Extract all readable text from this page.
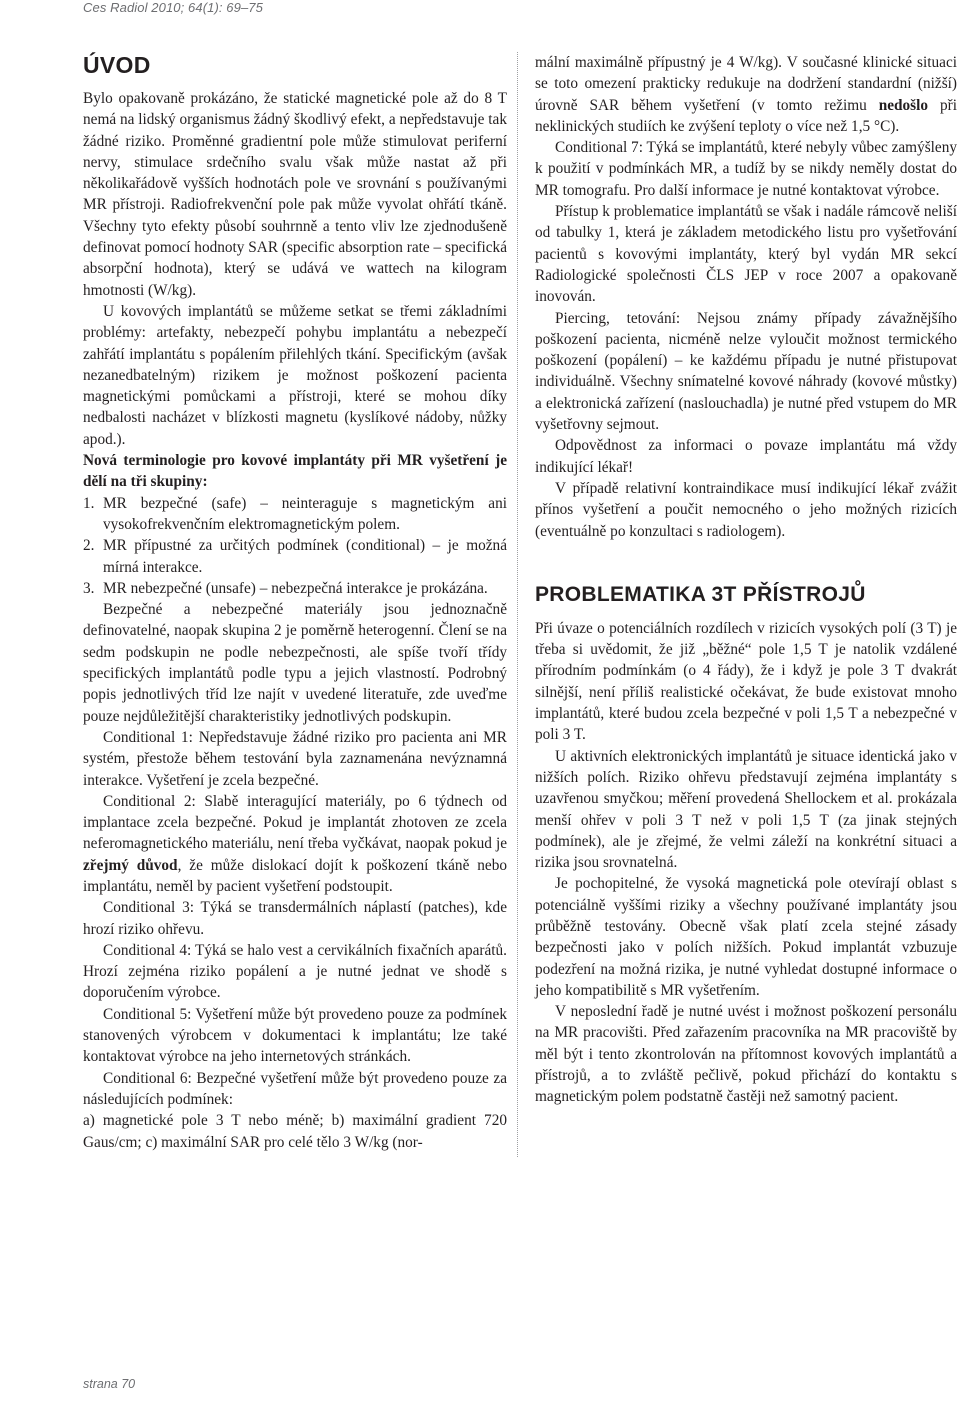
Ces Radiol 2010; 64(1): 69–75
ÚVOD

Bylo opakovaně prokázáno, že statické magnetické pole až do 8 T nemá na lidský organismus žádný škodlivý efekt, a nepředstavuje tak žádné riziko. Proměnné gradientní pole může stimulovat periferní nervy, stimulace srdečního svalu však může nastat až při několikařádově vyšších hodnotách pole ve srovnání s používanými MR přístroji. Radiofrekvenční pole pak může vyvolat ohřátí tkáně. Všechny tyto efekty působí souhrnně a tento vliv lze zjednodušeně definovat pomocí hodnoty SAR (specific absorption rate – specifická absorpční hodnota), který se udává ve wattech na kilogram hmotnosti (W/kg).

U kovových implantátů se můžeme setkat se třemi základními problémy: artefakty, nebezpečí pohybu implantátu a nebezpečí zahřátí implantátu s popálením přilehlých tkání. Specifickým (avšak nezanedbatelným) rizikem je možnost poškození pacienta magnetickými pomůckami a přístroji, které se mohou díky nedbalosti nacházet v blízkosti magnetu (kyslíkové nádoby, nůžky apod.).

Nová terminologie pro kovové implantáty při MR vyšetření je dělí na tři skupiny:

1. MR bezpečné (safe) – neinteraguje s magnetickým ani vysokofrekvenčním elektromagnetickým polem.
2. MR přípustné za určitých podmínek (conditional) – je možná mírná interakce.
3. MR nebezpečné (unsafe) – nebezpečná interakce je prokázána.

Bezpečné a nebezpečné materiály jsou jednoznačně definovatelné, naopak skupina 2 je poměrně heterogenní. Člení se na sedm podskupin ne podle nebezpečnosti, ale spíše tvoří třídy specifických implantátů podle typu a jejich vlastností. Podrobný popis jednotlivých tříd lze najít v uvedené literatuře, zde uveďme pouze nejdůležitější charakteristiky jednotlivých podskupin.

Conditional 1: Nepředstavuje žádné riziko pro pacienta ani MR systém, přestože během testování byla zaznamenána nevýznamná interakce. Vyšetření je zcela bezpečné.

Conditional 2: Slabě interagující materiály, po 6 týdnech od implantace zcela bezpečné. Pokud je implantát zhotoven ze zcela neferomagnetického materiálu, není třeba vyčkávat, naopak pokud je zřejmý důvod, že může dislokací dojít k poškození tkáně nebo implantátu, neměl by pacient vyšetření podstoupit.

Conditional 3: Týká se transdermálních náplastí (patches), kde hrozí riziko ohřevu.

Conditional 4: Týká se halo vest a cervikálních fixačních aparátů. Hrozí zejména riziko popálení a je nutné jednat ve shodě s doporučením výrobce.

Conditional 5: Vyšetření může být provedeno pouze za podmínek stanovených výrobcem v dokumentaci k implantátu; lze také kontaktovat výrobce na jeho internetových stránkách.

Conditional 6: Bezpečné vyšetření může být provedeno pouze za následujících podmínek:

a) magnetické pole 3 T nebo méně; b) maximální gradient 720 Gaus/cm; c) maximální SAR pro celé tělo 3 W/kg (nor-

mální maximálně přípustný je 4 W/kg). V současné klinické situaci se toto omezení prakticky redukuje na dodržení standardní (nižší) úrovně SAR během vyšetření (v tomto režimu nedošlo při neklinických studiích ke zvýšení teploty o více než 1,5 °C).

Conditional 7: Týká se implantátů, které nebyly vůbec zamýšleny k použití v podmínkách MR, a tudíž by se nikdy neměly dostat do MR tomografu. Pro další informace je nutné kontaktovat výrobce.

Přístup k problematice implantátů se však i nadále rámcově neliší od tabulky 1, která je základem metodického listu pro vyšetřování pacientů s kovovými implantáty, který byl vydán MR sekcí Radiologické společnosti ČLS JEP v roce 2007 a opakovaně inovován.

Piercing, tetování: Nejsou známy případy závažnějšího poškození pacienta, nicméně nelze vyloučit možnost termického poškození (popálení) – ke každému případu je nutné přistupovat individuálně. Všechny snímatelné kovové náhrady (kovové můstky) a elektronická zařízení (naslouchadla) je nutné před vstupem do MR vyšetřovny sejmout.

Odpovědnost za informaci o povaze implantátu má vždy indikující lékař!

V případě relativní kontraindikace musí indikující lékař zvážit přínos vyšetření a poučit nemocného o jeho možných rizicích (eventuálně po konzultaci s radiologem).

PROBLEMATIKA 3T PŘÍSTROJŮ

Při úvaze o potenciálních rozdílech v rizicích vysokých polí (3 T) je třeba si uvědomit, že již „běžné“ pole 1,5 T je natolik vzdálené přírodním podmínkám (o 4 řády), že i když je pole 3 T dvakrát silnější, není příliš realistické očekávat, že bude existovat mnoho implantátů, které budou zcela bezpečné v poli 1,5 T a nebezpečné v poli 3 T.

U aktivních elektronických implantátů je situace identická jako v nižších polích. Riziko ohřevu představují zejména implantáty s uzavřenou smyčkou; měření provedená Shellockem et al. prokázala menší ohřev v poli 3 T než v poli 1,5 T (za jinak stejných podmínek), ale je zřejmé, že velmi záleží na konkrétní situaci a rizika jsou srovnatelná.

Je pochopitelné, že vysoká magnetická pole otevírají oblast s potenciálně vyššími riziky a všechny používané implantáty jsou průběžně testovány. Obecně však platí zcela stejné zásady bezpečnosti jako v polích nižších. Pokud implantát vzbuzuje podezření na možná rizika, je nutné vyhledat dostupné informace o jeho kompatibilitě s MR vyšetřením.

V neposlední řadě je nutné uvést i možnost poškození personálu na MR pracovišti. Před zařazením pracovníka na MR pracoviště by měl být i tento zkontrolován na přítomnost kovových implantátů a přístrojů, a to zvláště pečlivě, pokud přichází do kontaktu s magnetickým polem podstatně častěji než samotný pacient.

strana 70
